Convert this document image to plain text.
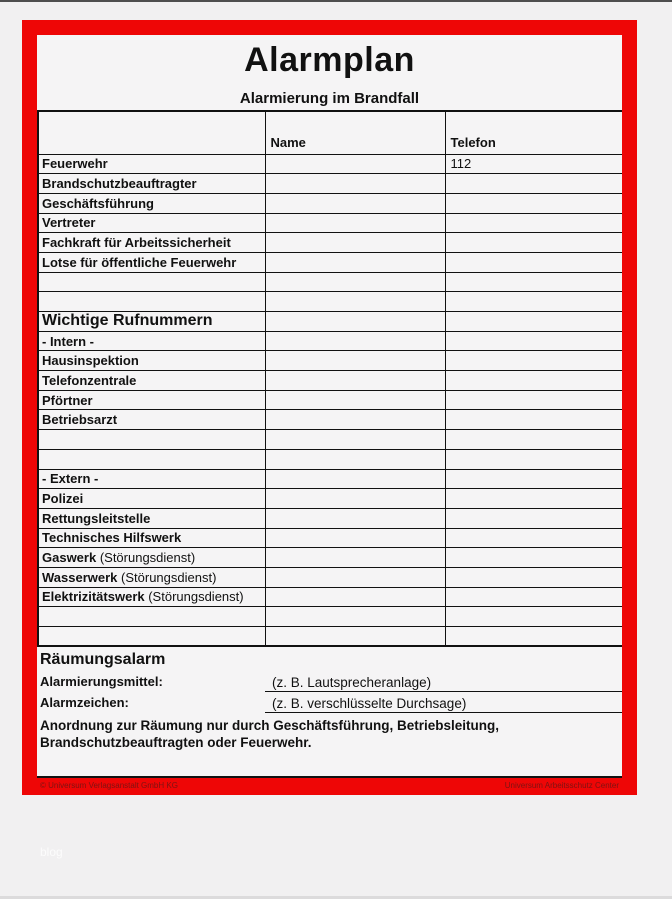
Alarmplan
Alarmierung im Brandfall
	Name	Telefon
Feuerwehr		112
Brandschutzbeauftragter		
Geschäftsführung		
Vertreter		
Fachkraft für Arbeitssicherheit		
Lotse für öffentliche Feuerwehr		

Wichtige Rufnummern		
- Intern -		
Hausinspektion		
Telefonzentrale		
Pförtner		
Betriebsarzt		

- Extern -		
Polizei		
Rettungsleitstelle		
Technisches Hilfswerk		
Gaswerk (Störungsdienst)		
Wasserwerk (Störungsdienst)		
Elektrizitätswerk (Störungsdienst)		

Räumungsalarm
Alarmierungsmittel:	(z. B. Lautsprecheranlage)
Alarmzeichen:	(z. B. verschlüsselte Durchsage)
Anordnung zur Räumung nur durch Geschäftsführung, Betriebsleitung, Brandschutzbeauftragten oder Feuerwehr.
© Universum Verlagsanstalt GmbH KG	Universum Arbeitsschutz Center
blog
